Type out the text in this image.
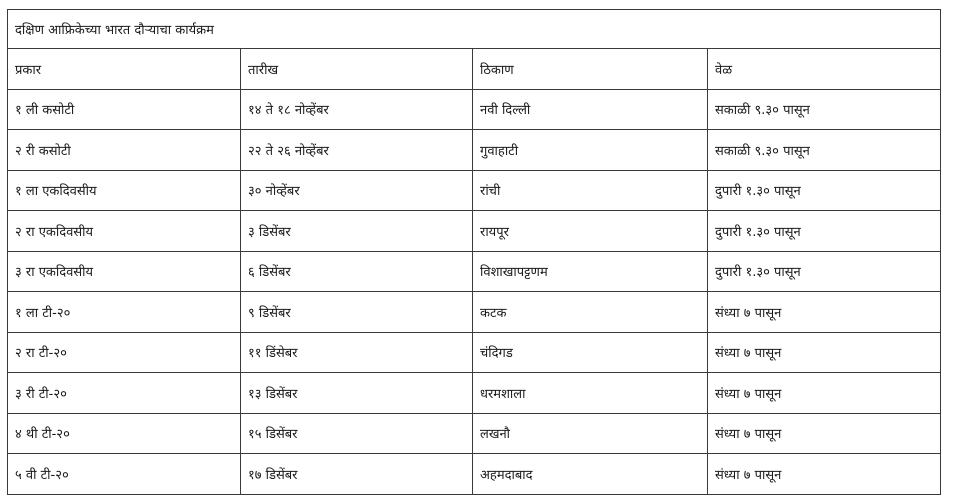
दक्षिण आफ्रिकेच्या भारत दौऱ्याचा कार्यक्रम			
प्रकार	तारीख	ठिकाण	वेळ
१ ली कसोटी	१४ ते १८ नोव्हेंबर	नवी दिल्ली	सकाळी ९.३० पासून
२ री कसोटी	२२ ते २६ नोव्हेंबर	गुवाहाटी	सकाळी ९.३० पासून
१ ला एकदिवसीय	३० नोव्हेंबर	रांची	दुपारी १.३० पासून
२ रा एकदिवसीय	३ डिसेंबर	रायपूर	दुपारी १.३० पासून
३ रा एकदिवसीय	६ डिसेंबर	विशाखापट्टणम	दुपारी १.३० पासून
१ ला टी-२०	९ डिसेंबर	कटक	संध्या ७ पासून
२ रा टी-२०	११ डिंसेबर	चंदिगड	संध्या ७ पासून
३ री टी-२०	१३ डिसेंबर	धरमशाला	संध्या ७ पासून
४ थी टी-२०	१५ डिसेंबर	लखनौ	संध्या ७ पासून
५ वी टी-२०	१७ डिसेंबर	अहमदाबाद	संध्या ७ पासून
